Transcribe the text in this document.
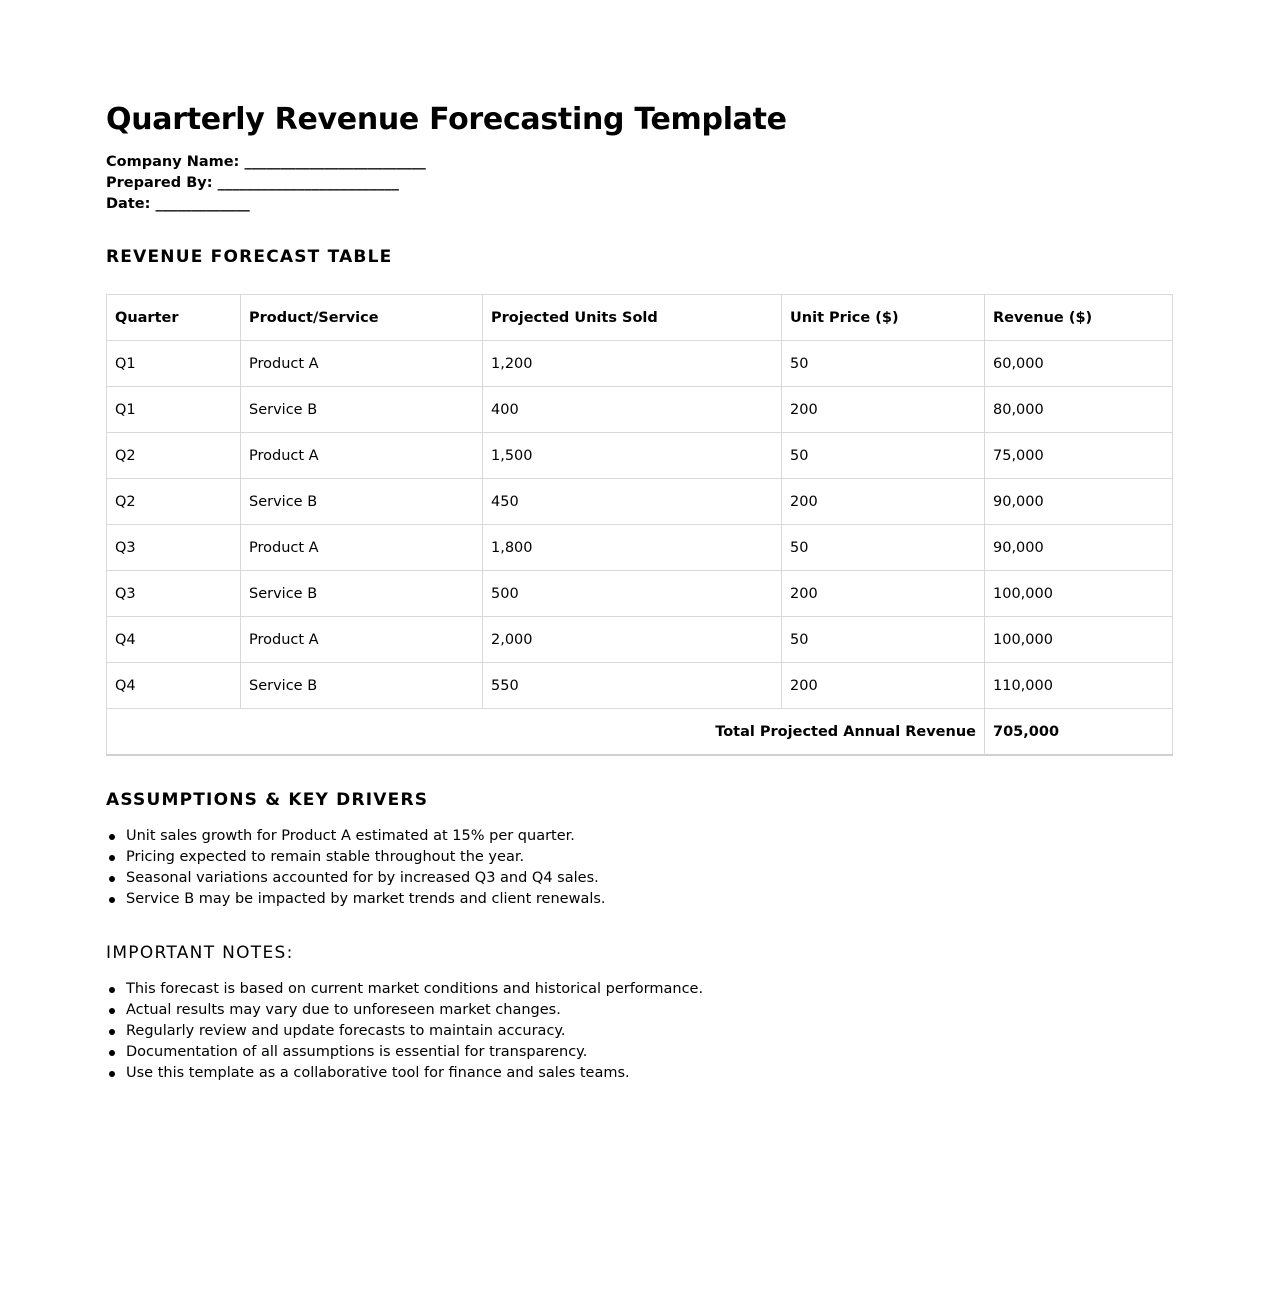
Quarterly Revenue Forecasting Template
Company Name: _________________________
Prepared By: _________________________
Date: _____________
REVENUE FORECAST TABLE
Quarter	Product/Service	Projected Units Sold	Unit Price ($)	Revenue ($)
Q1	Product A	1,200	50	60,000
Q1	Service B	400	200	80,000
Q2	Product A	1,500	50	75,000
Q2	Service B	450	200	90,000
Q3	Product A	1,800	50	90,000
Q3	Service B	500	200	100,000
Q4	Product A	2,000	50	100,000
Q4	Service B	550	200	110,000
Total Projected Annual Revenue				705,000
ASSUMPTIONS & KEY DRIVERS
Unit sales growth for Product A estimated at 15% per quarter.
Pricing expected to remain stable throughout the year.
Seasonal variations accounted for by increased Q3 and Q4 sales.
Service B may be impacted by market trends and client renewals.
IMPORTANT NOTES:
This forecast is based on current market conditions and historical performance.
Actual results may vary due to unforeseen market changes.
Regularly review and update forecasts to maintain accuracy.
Documentation of all assumptions is essential for transparency.
Use this template as a collaborative tool for finance and sales teams.
